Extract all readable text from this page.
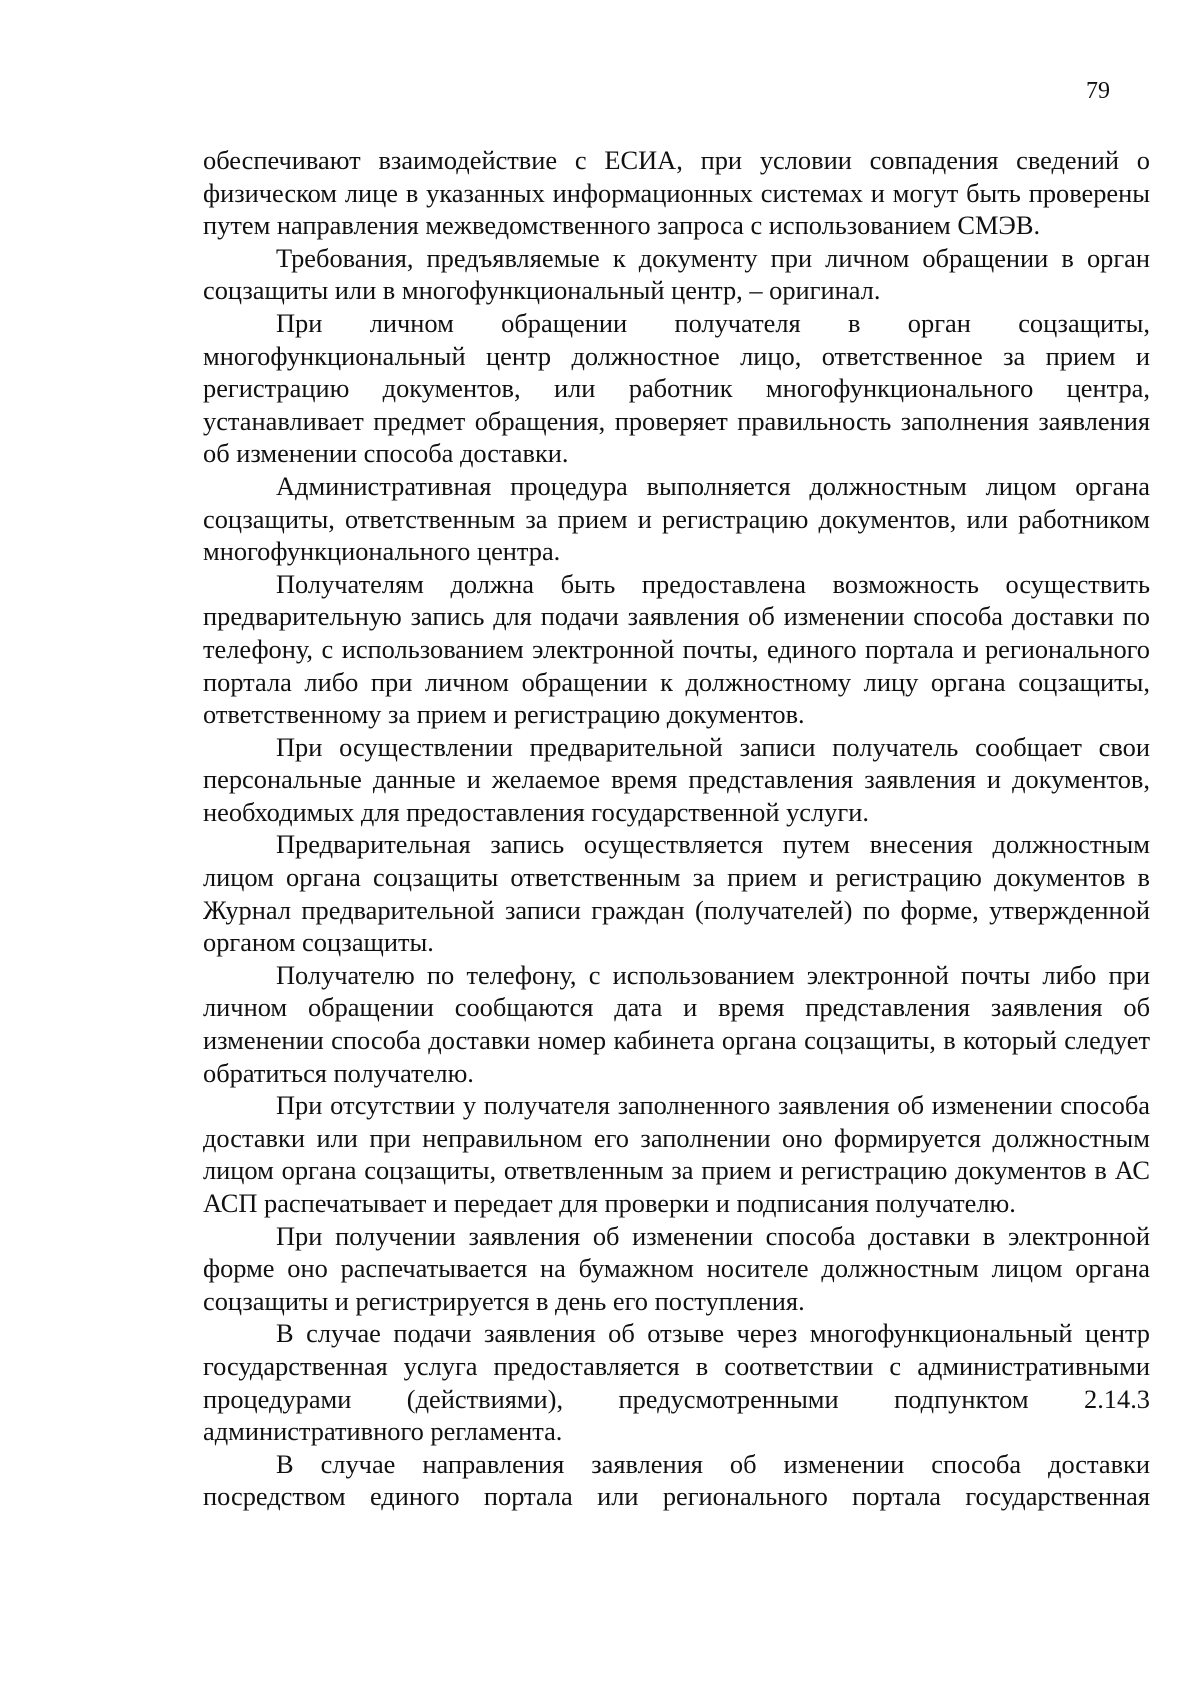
79

обеспечивают взаимодействие с ЕСИА, при условии совпадения сведений о физическом лице в указанных информационных системах и могут быть проверены путем направления межведомственного запроса с использованием СМЭВ.

Требования, предъявляемые к документу при личном обращении в орган соцзащиты или в многофункциональный центр, – оригинал.

При личном обращении получателя в орган соцзащиты, многофункциональный центр должностное лицо, ответственное за прием и регистрацию документов, или работник многофункционального центра, устанавливает предмет обращения, проверяет правильность заполнения заявления об изменении способа доставки.

Административная процедура выполняется должностным лицом органа соцзащиты, ответственным за прием и регистрацию документов, или работником многофункционального центра.

Получателям должна быть предоставлена возможность осуществить предварительную запись для подачи заявления об изменении способа доставки по телефону, с использованием электронной почты, единого портала и регионального портала либо при личном обращении к должностному лицу органа соцзащиты, ответственному за прием и регистрацию документов.

При осуществлении предварительной записи получатель сообщает свои персональные данные и желаемое время представления заявления и документов, необходимых для предоставления государственной услуги.

Предварительная запись осуществляется путем внесения должностным лицом органа соцзащиты ответственным за прием и регистрацию документов в Журнал предварительной записи граждан (получателей) по форме, утвержденной органом соцзащиты.

Получателю по телефону, с использованием электронной почты либо при личном обращении сообщаются дата и время представления заявления об изменении способа доставки номер кабинета органа соцзащиты, в который следует обратиться получателю.

При отсутствии у получателя заполненного заявления об изменении способа доставки или при неправильном его заполнении оно формируется должностным лицом органа соцзащиты, ответвленным за прием и регистрацию документов в АС АСП распечатывает и передает для проверки и подписания получателю.

При получении заявления об изменении способа доставки в электронной форме оно распечатывается на бумажном носителе должностным лицом органа соцзащиты и регистрируется в день его поступления.

В случае подачи заявления об отзыве через многофункциональный центр государственная услуга предоставляется в соответствии с административными процедурами (действиями), предусмотренными подпунктом 2.14.3 административного регламента.

В случае направления заявления об изменении способа доставки посредством единого портала или регионального портала государственная
